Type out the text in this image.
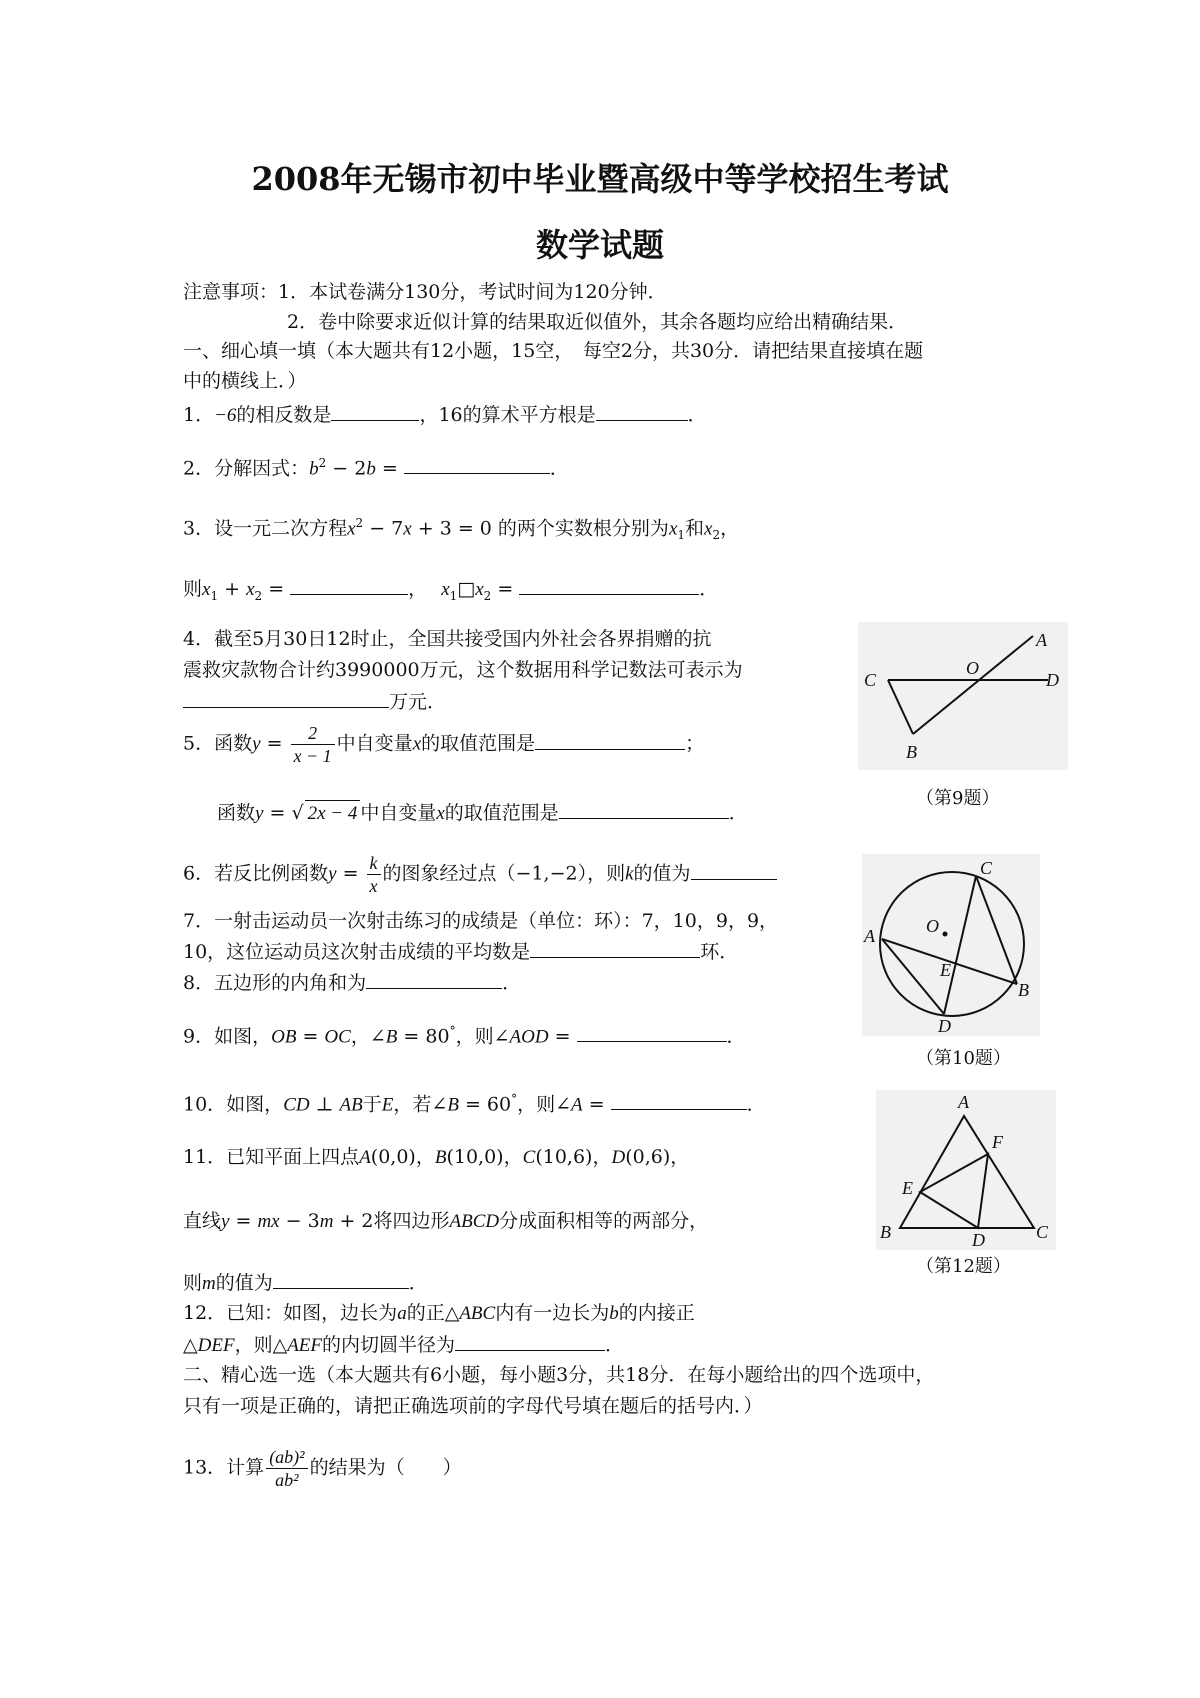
2008年无锡市初中毕业暨高级中等学校招生考试
数学试题
注意事项：1．本试卷满分130分，考试时间为120分钟．
2．卷中除要求近似计算的结果取近似值外，其余各题均应给出精确结果．
一、细心填一填（本大题共有12小题，15空，　每空2分，共30分．请把结果直接填在题
中的横线上．）
1．−6的相反数是	，16的算术平方根是	．
2．分解因式：$b^2 - 2b$ =	．
3．设一元二次方程$x^2 - 7x + 3 = 0$ 的两个实数根分别为$x_1$和$x_2$，
则$x_1 + x_2$ =	， $x_1□x_2$ =	．
4．截至5月30日12时止，全国共接受国内外社会各界捐赠的抗
震救灾款物合计约3990000万元，这个数据用科学记数法可表示为
万元．
5．函数$y = \frac{2}{x - 1}$ 中自变量x的取值范围是	；
函数y = √ 2x − 4 中自变量x的取值范围是	．
6．若反比例函数$y = \frac{k}{x}$ 的图象经过点（−1,−2），则k的值为
7．一射击运动员一次射击练习的成绩是（单位：环）：7，10，9，9，
10，这位运动员这次射击成绩的平均数是	环．
8．五边形的内角和为	．
9．如图，OB = OC，∠B = 80°，则∠AOD =	．
10．如图，CD ⊥ AB于E，若∠B = 60°，则∠A =	．
11．已知平面上四点A(0,0)，B(10,0)，C(10,6)，D(0,6)，
直线y = mx − 3m + 2将四边形ABCD分成面积相等的两部分，
则m的值为	．
12．已知：如图，边长为a的正△ABC内有一边长为b的内接正
△DEF，则△AEF的内切圆半径为	．
二、精心选一选（本大题共有6小题，每小题3分，共18分．在每小题给出的四个选项中，
只有一项是正确的，请把正确选项前的字母代号填在题后的括号内．）
13．计算 $\frac{\text{(ab)²}}{\text{ab²}}$ 的结果为（　　）
A
O
C	D
B
（第9题）
C
A	O
E
B
D
（第10题）
A
F
E
B	D	C
（第12题）
